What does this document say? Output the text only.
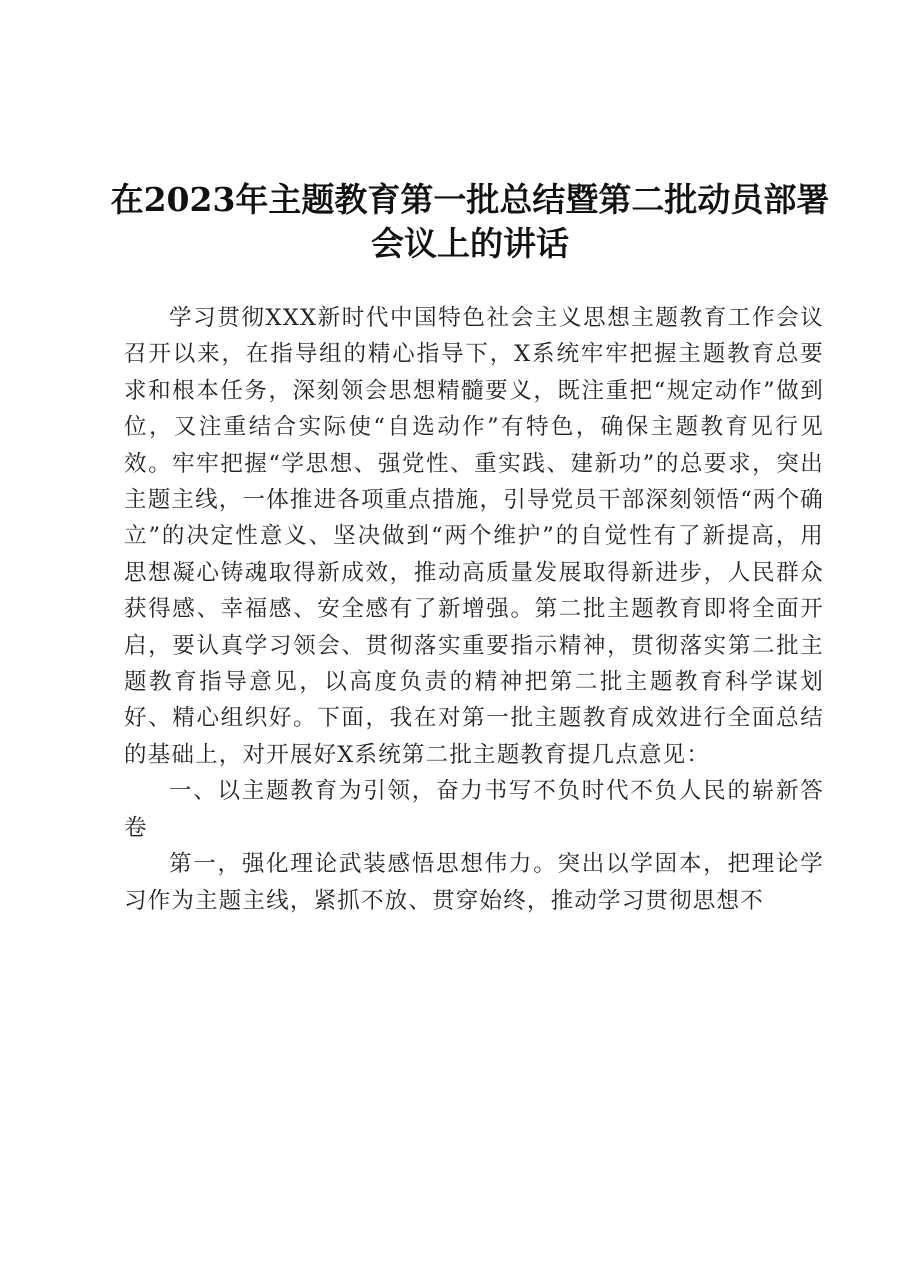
在2023年主题教育第一批总结暨第二批动员部署会议上的讲话

学习贯彻XXX新时代中国特色社会主义思想主题教育工作会议召开以来，在指导组的精心指导下，X系统牢牢把握主题教育总要求和根本任务，深刻领会思想精髓要义，既注重把“规定动作”做到位，又注重结合实际使“自选动作”有特色，确保主题教育见行见效。牢牢把握“学思想、强党性、重实践、建新功”的总要求，突出主题主线，一体推进各项重点措施，引导党员干部深刻领悟“两个确立”的决定性意义、坚决做到“两个维护”的自觉性有了新提高，用思想凝心铸魂取得新成效，推动高质量发展取得新进步，人民群众获得感、幸福感、安全感有了新增强。第二批主题教育即将全面开启，要认真学习领会、贯彻落实重要指示精神，贯彻落实第二批主题教育指导意见，以高度负责的精神把第二批主题教育科学谋划好、精心组织好。下面，我在对第一批主题教育成效进行全面总结的基础上，对开展好X系统第二批主题教育提几点意见：

一、以主题教育为引领，奋力书写不负时代不负人民的崭新答卷

第一，强化理论武装感悟思想伟力。突出以学固本，把理论学习作为主题主线，紧抓不放、贯穿始终，推动学习贯彻思想不
